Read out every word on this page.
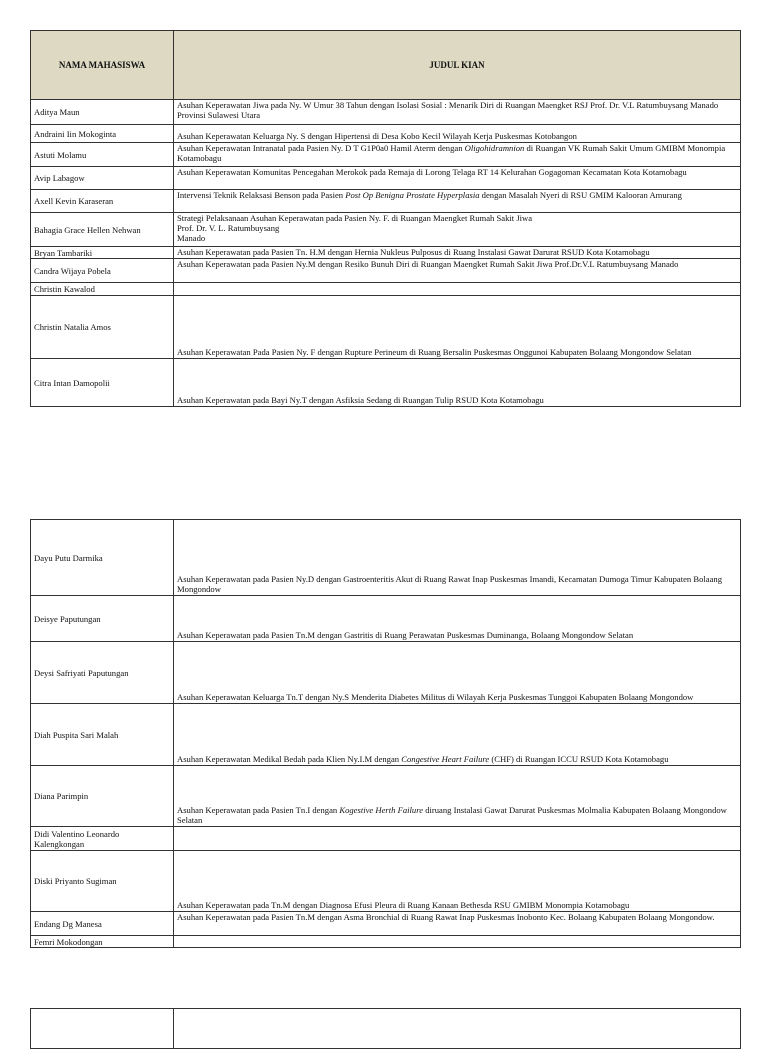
NAMA MAHASISWA	JUDUL KIAN
Aditya Maun	Asuhan Keperawatan Jiwa pada Ny. W Umur 38 Tahun dengan Isolasi Sosial : Menarik Diri di Ruangan Maengket RSJ Prof. Dr. V.L Ratumbuysang Manado Provinsi Sulawesi Utara
Andraini Iin Mokoginta	Asuhan Keperawatan Keluarga Ny. S dengan Hipertensi di Desa Kobo Kecil Wilayah Kerja Puskesmas Kotobangon
Astuti Molamu	Asuhan Keperawatan Intranatal pada Pasien Ny. D T G1P0a0 Hamil Aterm dengan Oligohidramnion di Ruangan VK Rumah Sakit Umum GMIBM Monompia Kotamobagu
Avip Labagow	Asuhan Keperawatan Komunitas Pencegahan Merokok pada Remaja di Lorong Telaga RT 14 Kelurahan Gogagoman Kecamatan Kota Kotamobagu
Axell Kevin Karaseran	Intervensi Teknik Relaksasi Benson pada Pasien Post Op Benigna Prostate Hyperplasia dengan Masalah Nyeri di RSU GMIM Kalooran Amurang
Bahagia Grace Hellen Nehwan	Strategi Pelaksanaan Asuhan Keperawatan pada Pasien Ny. F. di Ruangan Maengket Rumah Sakit Jiwa
Prof. Dr. V. L. Ratumbuysang
Manado
Bryan Tambariki	Asuhan Keperawatan pada Pasien Tn. H.M dengan Hernia Nukleus Pulposus di Ruang Instalasi Gawat Darurat RSUD Kota Kotamobagu
Candra Wijaya Pobela	Asuhan Keperawatan pada Pasien Ny.M dengan Resiko Bunuh Diri di Ruangan Maengket Rumah Sakit Jiwa Prof.Dr.V.L Ratumbuysang Manado
Christin Kawalod	
Christin Natalia Amos	Asuhan Keperawatan Pada Pasien Ny. F dengan Rupture Perineum di Ruang Bersalin Puskesmas Onggunoi Kabupaten Bolaang Mongondow Selatan
Citra Intan Damopolii	Asuhan Keperawatan pada Bayi Ny.T dengan Asfiksia Sedang di Ruangan Tulip RSUD Kota Kotamobagu
Dayu Putu Darmika	Asuhan Keperawatan pada Pasien Ny.D dengan Gastroenteritis Akut di Ruang Rawat Inap Puskesmas Imandi, Kecamatan Dumoga Timur Kabupaten Bolaang Mongondow
Deisye Paputungan	Asuhan Keperawatan pada Pasien Tn.M dengan Gastritis di Ruang Perawatan Puskesmas Duminanga, Bolaang Mongondow Selatan
Deysi Safriyati Paputungan	Asuhan Keperawatan Keluarga Tn.T dengan Ny.S Menderita Diabetes Militus di Wilayah Kerja Puskesmas Tunggoi Kabupaten Bolaang Mongondow
Diah Puspita Sari Malah	Asuhan Keperawatan Medikal Bedah pada Klien Ny.I.M dengan Congestive Heart Failure (CHF) di Ruangan ICCU RSUD Kota Kotamobagu
Diana Parimpin	Asuhan Keperawatan pada Pasien Tn.I dengan Kogestive Herth Failure diruang Instalasi Gawat Darurat Puskesmas Molmalia Kabupaten Bolaang Mongondow Selatan
Didi Valentino Leonardo Kalengkongan	
Diski Priyanto Sugiman	Asuhan Keperawatan pada Tn.M dengan Diagnosa Efusi Pleura di Ruang Kanaan Bethesda RSU GMIBM Monompia Kotamobagu
Endang Dg Manesa	Asuhan Keperawatan pada Pasien Tn.M dengan Asma Bronchial di Ruang Rawat Inap Puskesmas Inobonto Kec. Bolaang Kabupaten Bolaang Mongondow.
Femri Mokodongan	
